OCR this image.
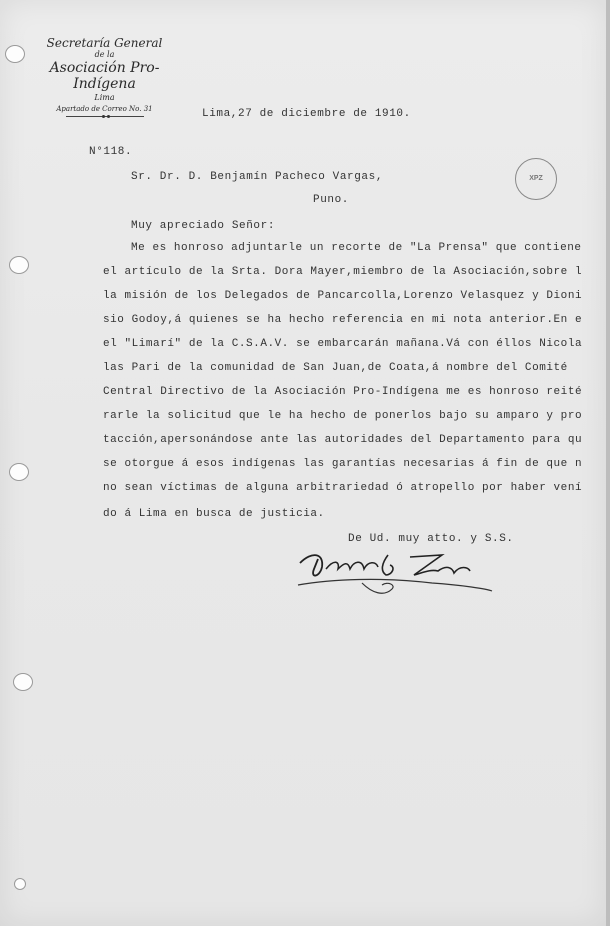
Secretaría General
de la
Asociación Pro-Indígena
Lima
Apartado de Correo No. 31	Lima,27 de diciembre de 1910.
N°118.
Sr. Dr. D. Benjamín Pacheco Vargas,
Puno.
XPZ
Muy apreciado Señor:
Me es honroso adjuntarle un recorte de "La Prensa" que contiene
el artículo de la Srta. Dora Mayer,miembro de la Asociación,sobre l
la misión de los Delegados de Pancarcolla,Lorenzo Velasquez y Dioni
sio Godoy,á quienes se ha hecho referencia en mi nota anterior.En e
el "Limarí" de la C.S.A.V. se embarcarán mañana.Vá con éllos Nicola
las Pari de la comunidad de San Juan,de Coata,á nombre del Comité
Central Directivo de la Asociación Pro-Indígena me es honroso reité
rarle la solicitud que le ha hecho de ponerlos bajo su amparo y pro
tacción,apersonándose ante las autoridades del Departamento para qu
se otorgue á esos indígenas las garantías necesarias á fin de que n
no sean víctimas de alguna arbitrariedad ó atropello por haber vení
do á Lima en busca de justicia.
De Ud. muy atto. y S.S.
